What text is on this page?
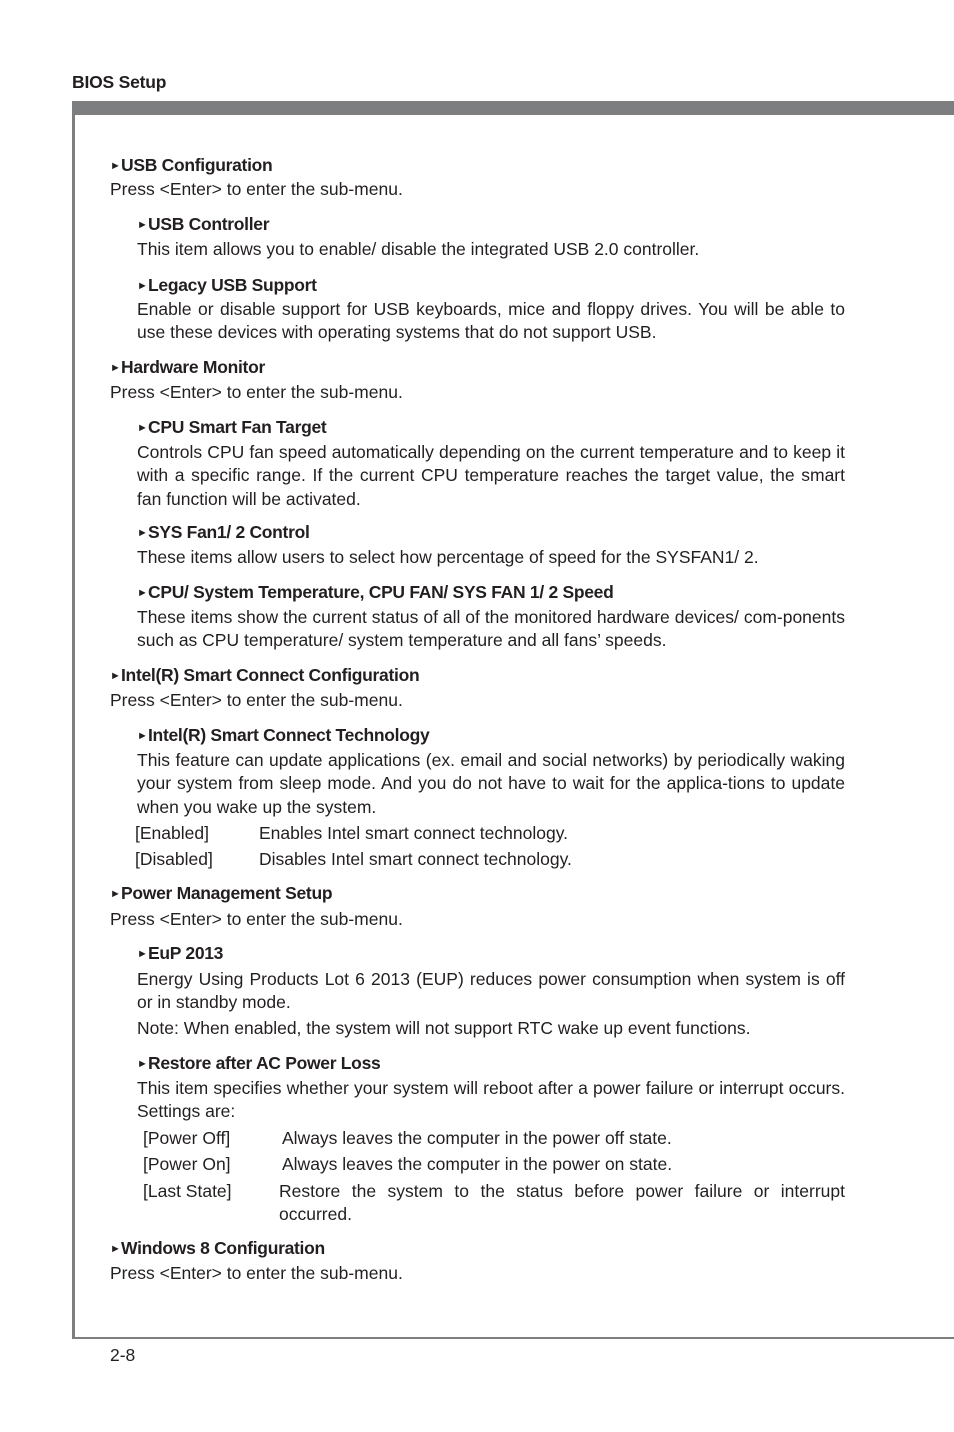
BIOS Setup
►USB Configuration
Press <Enter> to enter the sub-menu.
►USB Controller
This item allows you to enable/ disable the integrated USB 2.0 controller.
►Legacy USB Support
Enable or disable support for USB keyboards, mice and floppy drives. You will be able to use these devices with operating systems that do not support USB.
►Hardware Monitor
Press <Enter> to enter the sub-menu.
►CPU Smart Fan Target
Controls CPU fan speed automatically depending on the current temperature and to keep it with a specific range. If the current CPU temperature reaches the target value, the smart fan function will be activated.
►SYS Fan1/ 2 Control
These items allow users to select how percentage of speed for the SYSFAN1/ 2.
►CPU/ System Temperature, CPU FAN/ SYS FAN 1/ 2 Speed
These items show the current status of all of the monitored hardware devices/ com-ponents such as CPU temperature/ system temperature and all fans’ speeds.
►Intel(R) Smart Connect Configuration
Press <Enter> to enter the sub-menu.
►Intel(R) Smart Connect Technology
This feature can update applications (ex. email and social networks) by periodically waking your system from sleep mode. And you do not have to wait for the applica-tions to update when you wake up the system.
[Enabled]	Enables Intel smart connect technology.
[Disabled]	Disables Intel smart connect technology.
►Power Management Setup
Press <Enter> to enter the sub-menu.
►EuP 2013
Energy Using Products Lot 6 2013 (EUP) reduces power consumption when system is off or in standby mode.
Note: When enabled, the system will not support RTC wake up event functions.
►Restore after AC Power Loss
This item specifies whether your system will reboot after a power failure or interrupt occurs. Settings are:
[Power Off]	Always leaves the computer in the power off state.
[Power On]	Always leaves the computer in the power on state.
[Last State]	Restore the system to the status before power failure or interrupt occurred.
►Windows 8 Configuration
Press <Enter> to enter the sub-menu.
2-8
